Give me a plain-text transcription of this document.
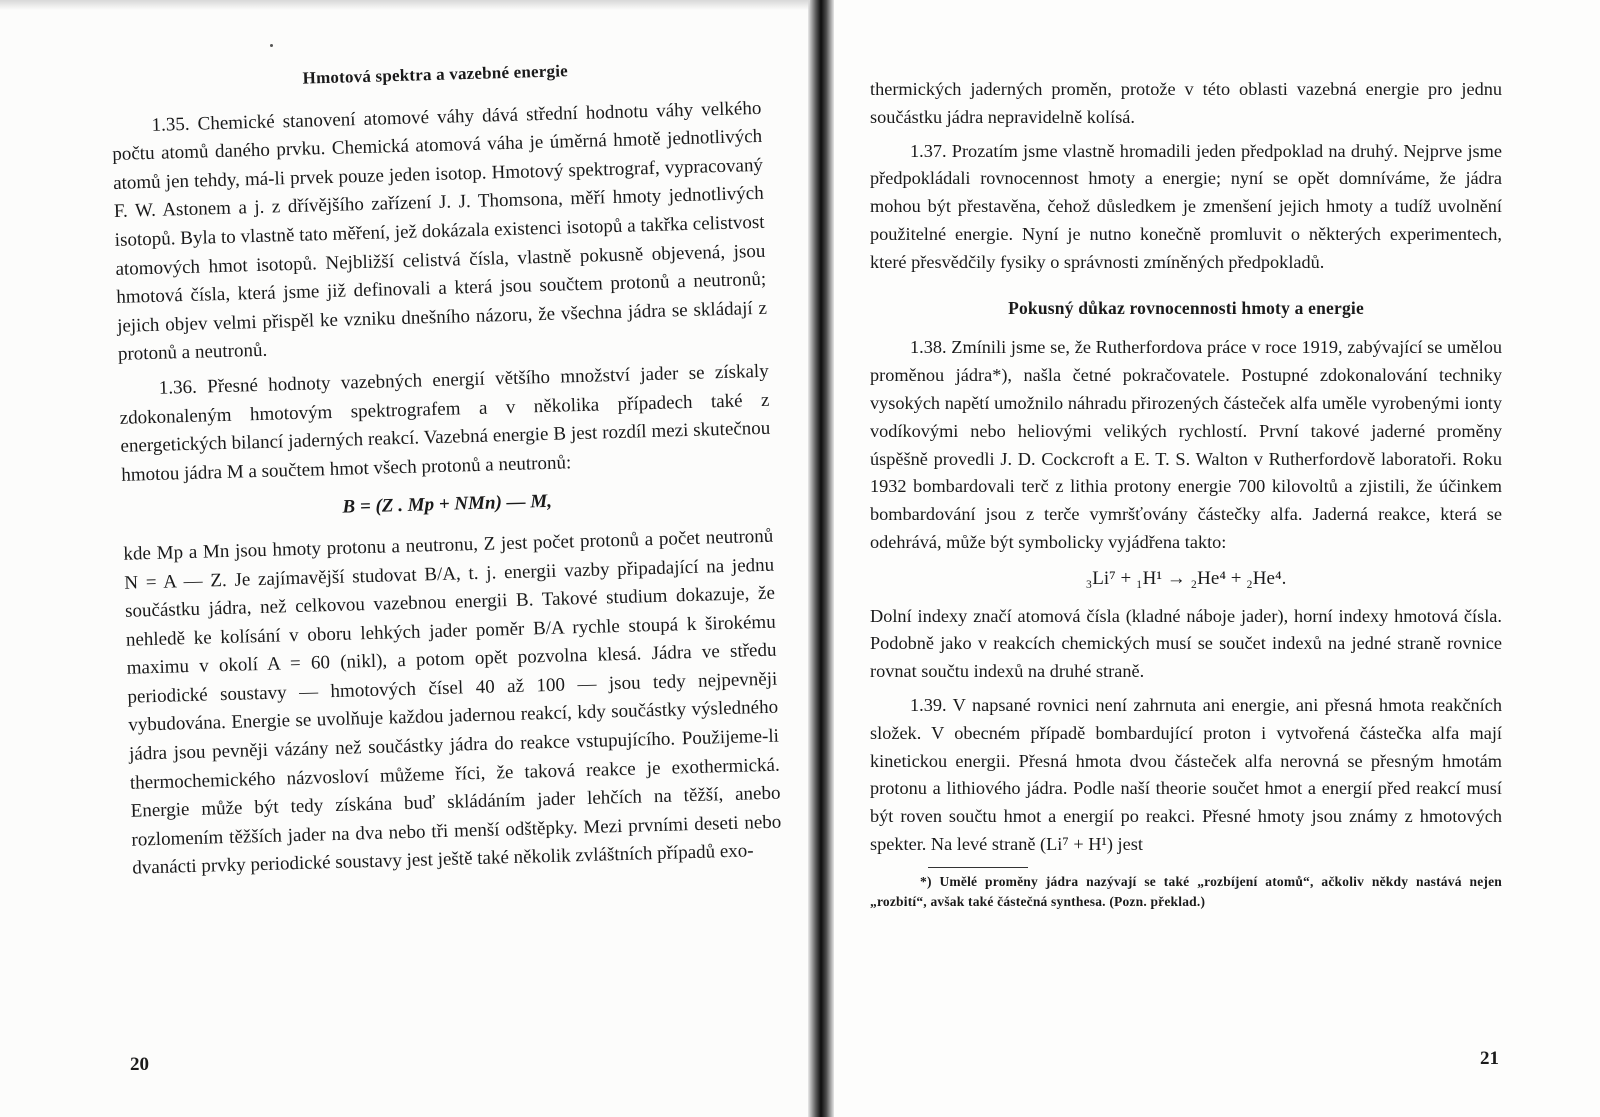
Hmotová spektra a vazebné energie

1.35. Chemické stanovení atomové váhy dává střední hodnotu váhy velkého počtu atomů daného prvku. Chemická atomová váha je úměrná hmotě jednotlivých atomů jen tehdy, má-li prvek pouze jeden isotop. Hmotový spektrograf, vypracovaný F. W. Astonem a j. z dřívějšího zařízení J. J. Thomsona, měří hmoty jednotlivých isotopů. Byla to vlastně tato měření, jež dokázala existenci isotopů a takřka celistvost atomových hmot isotopů. Nejbližší celistvá čísla, vlastně pokusně objevená, jsou hmotová čísla, která jsme již definovali a která jsou součtem protonů a neutronů; jejich objev velmi přispěl ke vzniku dnešního názoru, že všechna jádra se skládají z protonů a neutronů.

1.36. Přesné hodnoty vazebných energií většího množství jader se získaly zdokonaleným hmotovým spektrografem a v několika případech také z energetických bilancí jaderných reakcí. Vazebná energie B jest rozdíl mezi skutečnou hmotou jádra M a součtem hmot všech protonů a neutronů:

B = (Z . Mp + NMn) — M,

kde Mp a Mn jsou hmoty protonu a neutronu, Z jest počet protonů a počet neutronů N = A — Z. Je zajímavější studovat B/A, t. j. energii vazby připadající na jednu součástku jádra, než celkovou vazebnou energii B. Takové studium dokazuje, že nehledě ke kolísání v oboru lehkých jader poměr B/A rychle stoupá k širokému maximu v okolí A = 60 (nikl), a potom opět pozvolna klesá. Jádra ve středu periodické soustavy — hmotových čísel 40 až 100 — jsou tedy nejpevněji vybudována. Energie se uvolňuje každou jadernou reakcí, kdy součástky výsledného jádra jsou pevněji vázány než součástky jádra do reakce vstupujícího. Použijeme-li thermochemického názvosloví můžeme říci, že taková reakce je exothermická. Energie může být tedy získána buď skládáním jader lehčích na těžší, anebo rozlomením těžších jader na dva nebo tři menší odštěpky. Mezi prvními deseti nebo dvanácti prvky periodické soustavy jest ještě také několik zvláštních případů exo-

20

thermických jaderných proměn, protože v této oblasti vazebná energie pro jednu součástku jádra nepravidelně kolísá.

1.37. Prozatím jsme vlastně hromadili jeden předpoklad na druhý. Nejprve jsme předpokládali rovnocennost hmoty a energie; nyní se opět domníváme, že jádra mohou být přestavěna, čehož důsledkem je zmenšení jejich hmoty a tudíž uvolnění použitelné energie. Nyní je nutno konečně promluvit o některých experimentech, které přesvědčily fysiky o správnosti zmíněných předpokladů.

Pokusný důkaz rovnocennosti hmoty a energie

1.38. Zmínili jsme se, že Rutherfordova práce v roce 1919, zabývající se umělou proměnou jádra*), našla četné pokračovatele. Postupné zdokonalování techniky vysokých napětí umožnilo náhradu přirozených částeček alfa uměle vyrobenými ionty vodíkovými nebo heliovými velikých rychlostí. První takové jaderné proměny úspěšně provedli J. D. Cockcroft a E. T. S. Walton v Rutherfordově laboratoři. Roku 1932 bombardovali terč z lithia protony energie 700 kilovoltů a zjistili, že účinkem bombardování jsou z terče vymršťovány částečky alfa. Jaderná reakce, která se odehrává, může být symbolicky vyjádřena takto:

₃Li⁷ + ₁H¹ → ₂He⁴ + ₂He⁴.

Dolní indexy značí atomová čísla (kladné náboje jader), horní indexy hmotová čísla. Podobně jako v reakcích chemických musí se součet indexů na jedné straně rovnice rovnat součtu indexů na druhé straně.

1.39. V napsané rovnici není zahrnuta ani energie, ani přesná hmota reakčních složek. V obecném případě bombardující proton i vytvořená částečka alfa mají kinetickou energii. Přesná hmota dvou částeček alfa nerovná se přesným hmotám protonu a lithiového jádra. Podle naší theorie součet hmot a energií před reakcí musí být roven součtu hmot a energií po reakci. Přesné hmoty jsou známy z hmotových spekter. Na levé straně (Li⁷ + H¹) jest

*) Umělé proměny jádra nazývají se také „rozbíjení atomů“, ačkoliv někdy nastává nejen „rozbití“, avšak také částečná synthesa. (Pozn. překlad.)
21
